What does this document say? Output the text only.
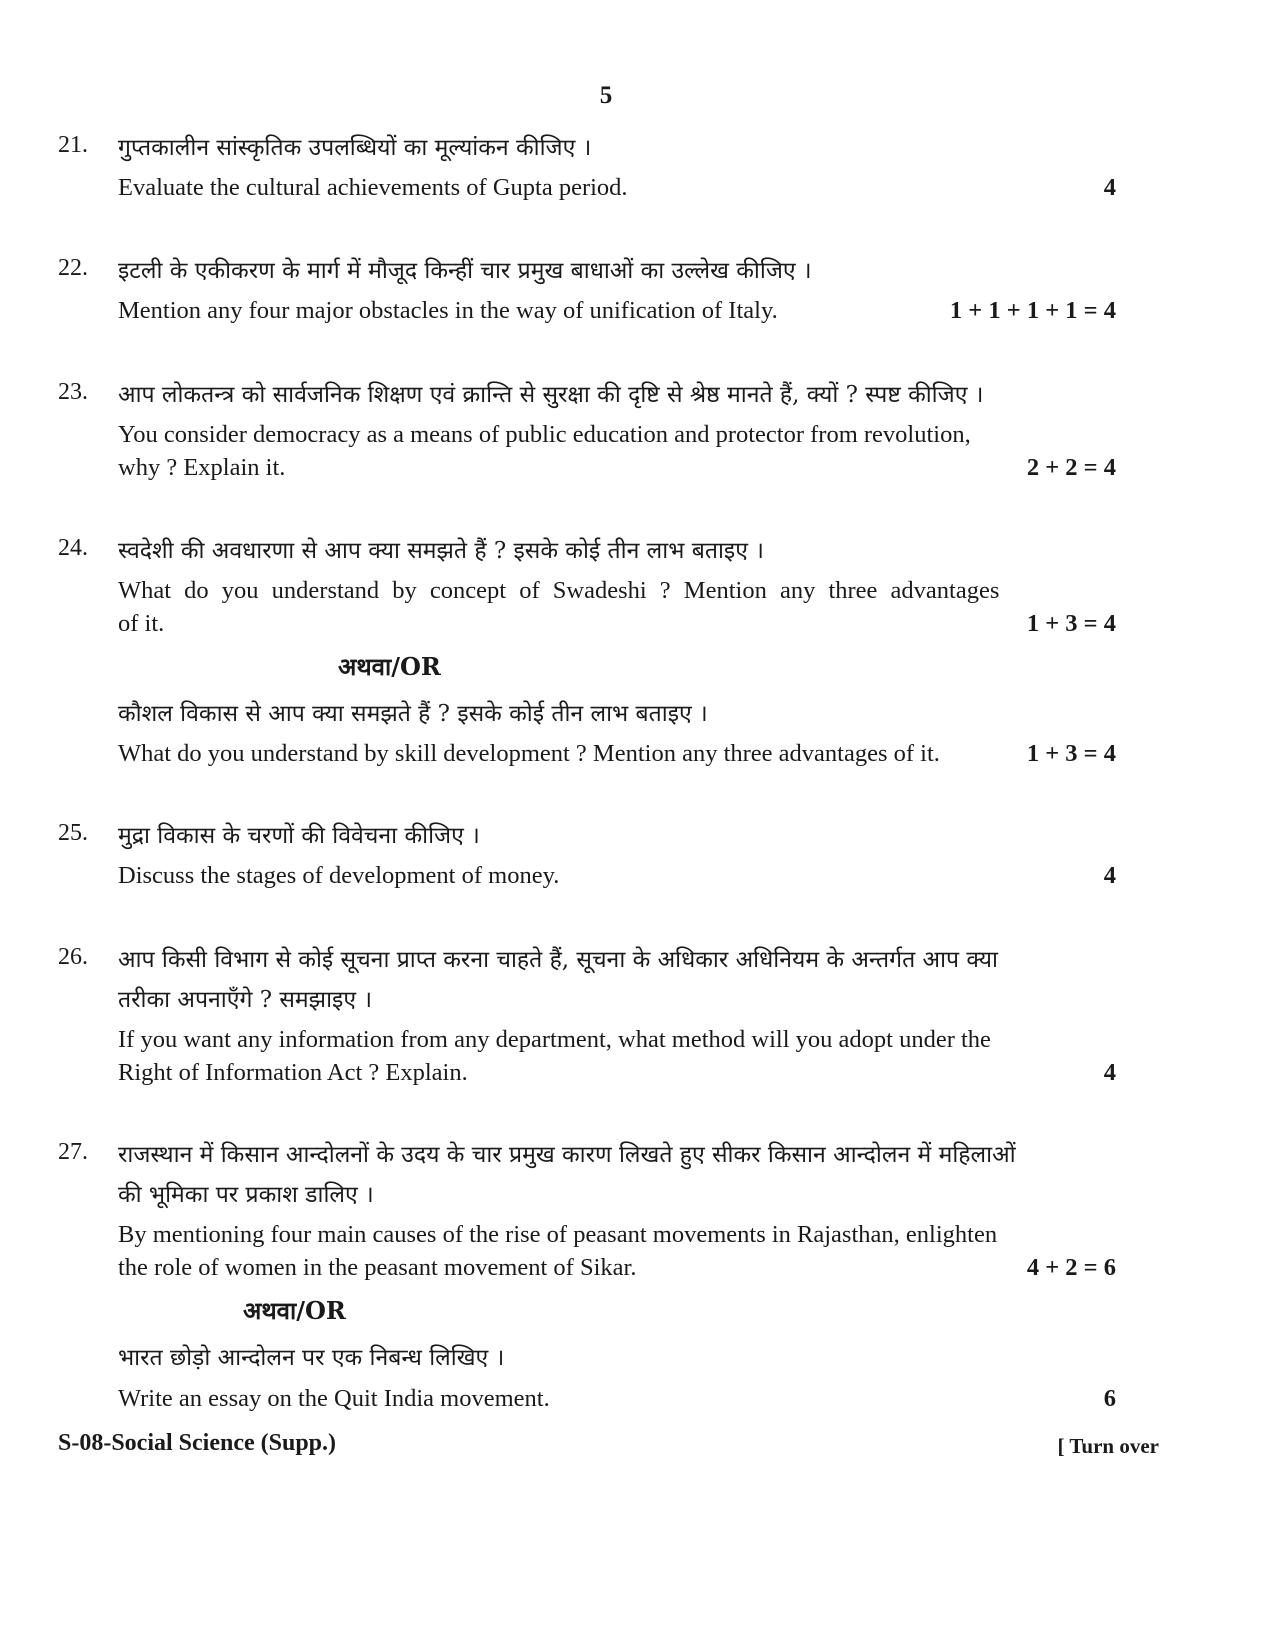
5
21. गुप्तकालीन सांस्कृतिक उपलब्धियों का मूल्यांकन कीजिए ।
Evaluate the cultural achievements of Gupta period.	4
22. इटली के एकीकरण के मार्ग में मौजूद किन्हीं चार प्रमुख बाधाओं का उल्लेख कीजिए ।
Mention any four major obstacles in the way of unification of Italy.	1 + 1 + 1 + 1 = 4
23. आप लोकतन्त्र को सार्वजनिक शिक्षण एवं क्रान्ति से सुरक्षा की दृष्टि से श्रेष्ठ मानते हैं, क्यों ? स्पष्ट कीजिए ।
You consider democracy as a means of public education and protector from revolution,
why ? Explain it.	2 + 2 = 4
24. स्वदेशी की अवधारणा से आप क्या समझते हैं ? इसके कोई तीन लाभ बताइए ।
What do you understand by concept of Swadeshi ? Mention any three advantages
of it.	1 + 3 = 4
अथवा/OR
कौशल विकास से आप क्या समझते हैं ? इसके कोई तीन लाभ बताइए ।
What do you understand by skill development ? Mention any three advantages of it.	1 + 3 = 4
25. मुद्रा विकास के चरणों की विवेचना कीजिए ।
Discuss the stages of development of money.	4
26. आप किसी विभाग से कोई सूचना प्राप्त करना चाहते हैं, सूचना के अधिकार अधिनियम के अन्तर्गत आप क्या
तरीका अपनाएँगे ? समझाइए ।
If you want any information from any department, what method will you adopt under the
Right of Information Act ? Explain.	4
27. राजस्थान में किसान आन्दोलनों के उदय के चार प्रमुख कारण लिखते हुए सीकर किसान आन्दोलन में महिलाओं
की भूमिका पर प्रकाश डालिए ।
By mentioning four main causes of the rise of peasant movements in Rajasthan, enlighten
the role of women in the peasant movement of Sikar.	4 + 2 = 6
अथवा/OR
भारत छोड़ो आन्दोलन पर एक निबन्ध लिखिए ।
Write an essay on the Quit India movement.	6
S-08-Social Science (Supp.)	[ Turn over
